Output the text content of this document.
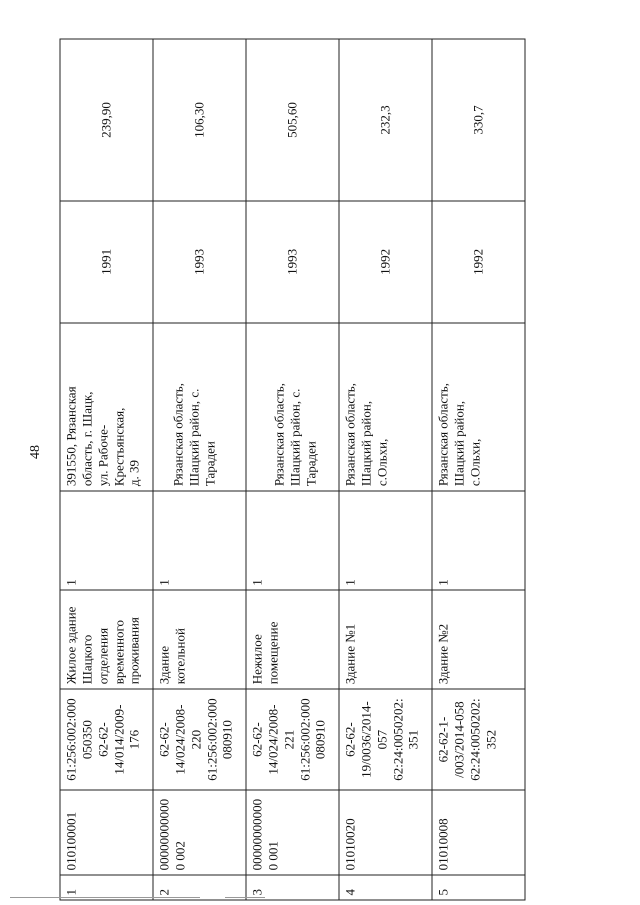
48
1	010100001	61:256:002:000 050350 62-62- 14/014/2009- 176	Жилое здание Шацкого отделения временного проживания	1	391550, Рязанская область, г. Шацк, ул. Рабоче- Крестьянская, д. 39	1991	239,90
2	000000000000 002	62-62- 14/024/2008- 220 61:256:002:000 080910	Здание котельной	1	Рязанская область, Шацкий район, с. Тарадеи	1993	106,30
3	000000000000 001	62-62- 14/024/2008- 221 61:256:002:000 080910	Нежилое помещение	1	Рязанская область, Шацкий район, с. Тарадеи	1993	505,60
4	01010020	62-62- 19/0036/2014- 057 62:24:0050202: 351	Здание №1	1	Рязанская область, Шацкий район, с.Ольхи,	1992	232,3
5	01010008	62-62-1- /003/2014-058 62:24:0050202: 352	Здание №2	1	Рязанская область, Шацкий район, с.Ольхи,	1992	330,7
